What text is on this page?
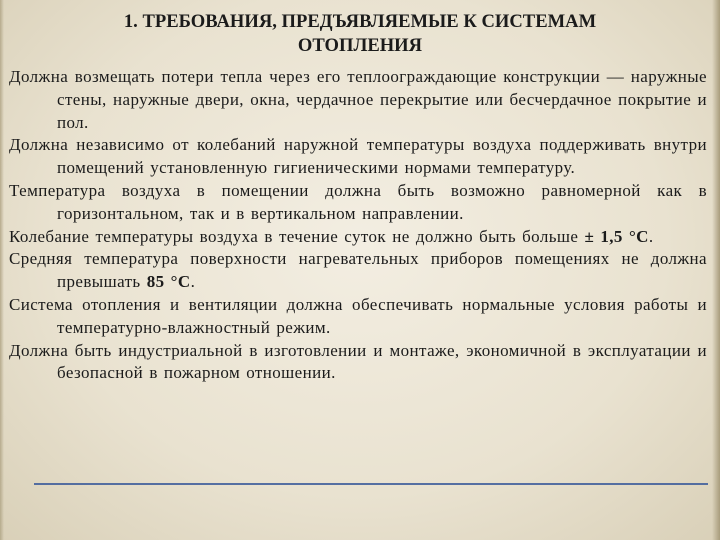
1. ТРЕБОВАНИЯ, ПРЕДЪЯВЛЯЕМЫЕ К СИСТЕМАМ
ОТОПЛЕНИЯ

Должна возмещать потери тепла через его теплоограждающие конструкции — наружные стены, наружные двери, окна, чердачное перекрытие или бесчердачное покрытие и пол.

Должна независимо от колебаний наружной температуры воздуха поддерживать внутри помещений установленную гигиеническими нормами температуру.

Температура воздуха в помещении должна быть возможно равномерной как в горизонтальном, так и в вертикальном направлении.

Колебание температуры воздуха в течение суток не должно быть больше ± 1,5 °С.

Средняя температура поверхности нагревательных приборов помещениях не должна превышать 85 °С.

Система отопления и вентиляции должна обеспечивать нормальные условия работы и температурно-влажностный режим.

Должна быть индустриальной в изготовлении и монтаже, экономичной в эксплуатации и безопасной в пожарном отношении.
